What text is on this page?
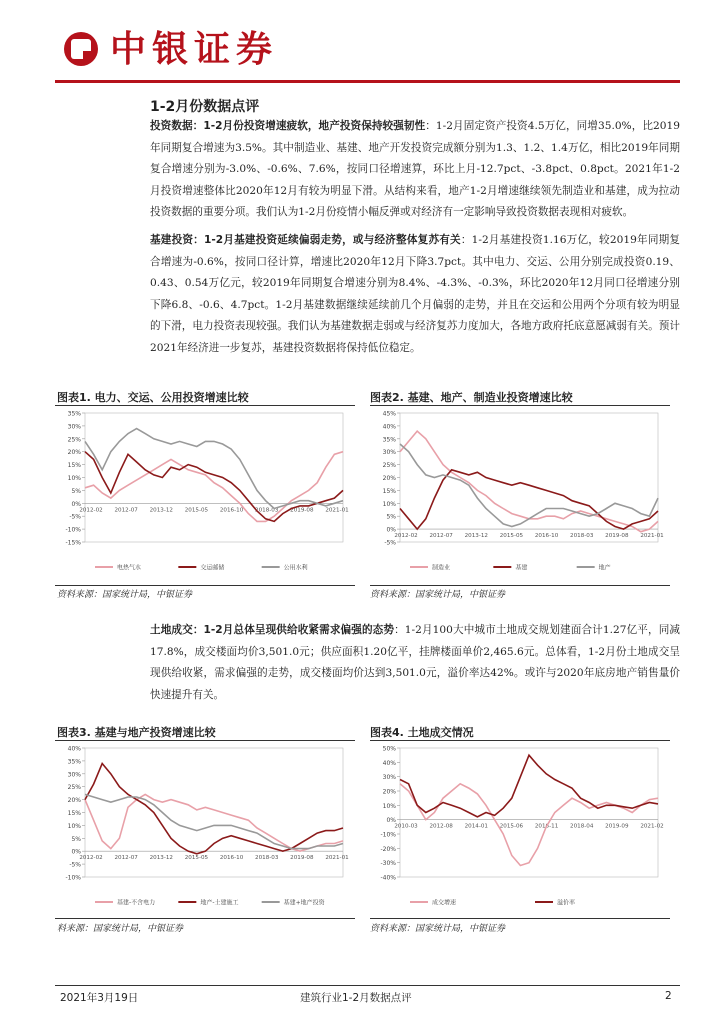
中银证券
1-2月份数据点评
投资数据：1-2月份投资增速疲软，地产投资保持较强韧性：1-2月固定资产投资4.5万亿，同增35.0%，比2019年同期复合增速为3.5%。其中制造业、基建、地产开发投资完成额分别为1.3、1.2、1.4万亿，相比2019年同期复合增速分别为-3.0%、-0.6%、7.6%，按同口径增速算，环比上月-12.7pct、-3.8pct、0.8pct。2021年1-2月投资增速整体比2020年12月有较为明显下滑。从结构来看，地产1-2月增速继续领先制造业和基建，成为拉动投资数据的重要分项。我们认为1-2月份疫情小幅反弹或对经济有一定影响导致投资数据表现相对疲软。
基建投资：1-2月基建投资延续偏弱走势，或与经济整体复苏有关：1-2月基建投资1.16万亿，较2019年同期复合增速为-0.6%，按同口径计算，增速比2020年12月下降3.7pct。其中电力、交运、公用分别完成投资0.19、0.43、0.54万亿元，较2019年同期复合增速分别为8.4%、-4.3%、-0.3%，环比2020年12月同口径增速分别下降6.8、-0.6、4.7pct。1-2月基建数据继续延续前几个月偏弱的走势，并且在交运和公用两个分项有较为明显的下滑，电力投资表现较强。我们认为基建数据走弱或与经济复苏力度加大，各地方政府托底意愿减弱有关。预计2021年经济进一步复苏，基建投资数据将保持低位稳定。
图表1. 电力、交运、公用投资增速比较
35%
30%
25%
20%
15%
10%
5%
0%
-5%
-10%
-15%
2012-02 2012-07 2013-12 2015-05 2016-10 2018-03 2019-08 2021-01
电热气水	交运邮储	公用水利
资料来源：国家统计局，中银证券
图表2. 基建、地产、制造业投资增速比较
45%
40%
35%
30%
25%
20%
15%
10%
5%
0%
-5%
2012-02 2012-07 2013-12 2015-05 2016-10 2018-03 2019-08 2021-01
制造业	基建	地产
资料来源：国家统计局，中银证券
土地成交：1-2月总体呈现供给收紧需求偏强的态势：1-2月100大中城市土地成交规划建面合计1.27亿平，同减17.8%，成交楼面均价3,501.0元；供应面积1.20亿平，挂牌楼面单价2,465.6元。总体看，1-2月份土地成交呈现供给收紧，需求偏强的走势，成交楼面均价达到3,501.0元，溢价率达42%。或许与2020年底房地产销售量价快速提升有关。
图表3. 基建与地产投资增速比较
40%
35%
30%
25%
20%
15%
10%
5%
0%
-5%
-10%
2012-02 2012-07 2013-12 2015-05 2016-10 2018-03 2019-08 2021-01
基建-不含电力	地产-土建施工	基建+地产投资
料来源：国家统计局，中银证券
图表4. 土地成交情况
50%
40%
30%
20%
10%
0%
-10%
-20%
-30%
-40%
2010-03 2012-08 2014-01 2015-06 2016-11 2018-04 2019-09 2021-02
成交增速	溢价率
资料来源：国家统计局，中银证券
2021年3月19日	建筑行业1-2月数据点评	2
